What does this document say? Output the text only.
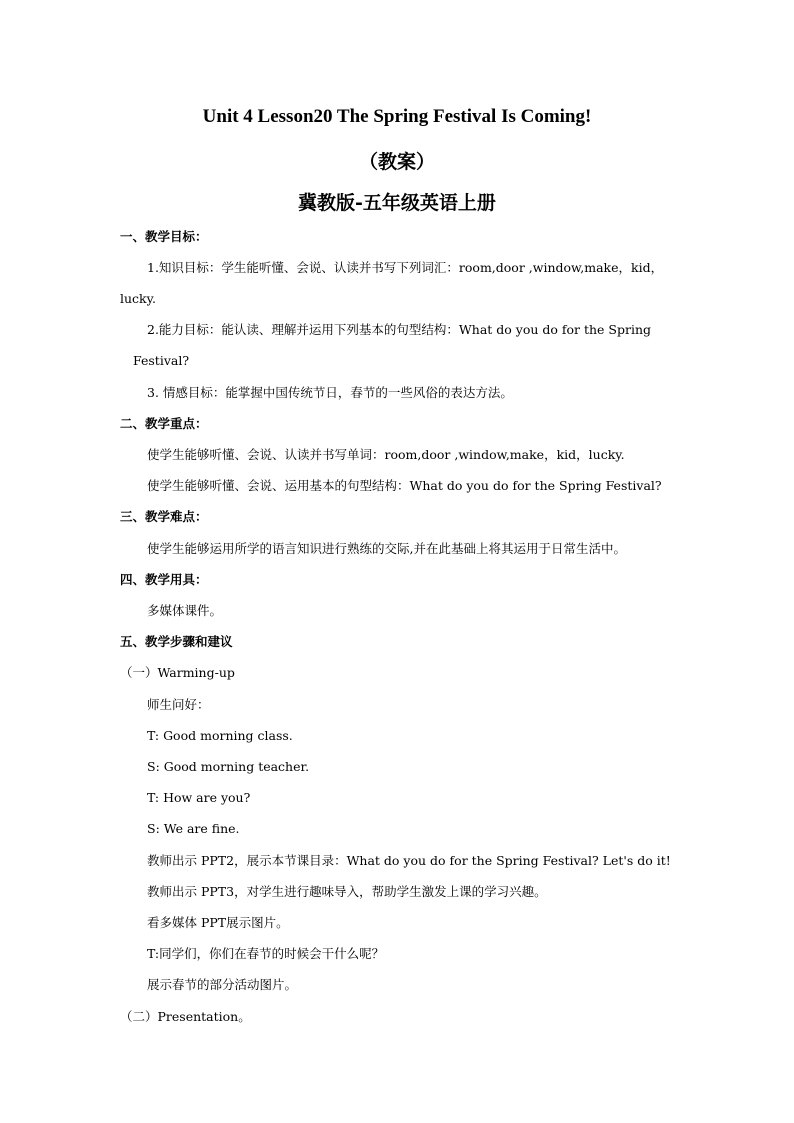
Unit 4 Lesson20 The Spring Festival Is Coming!
（教案）
冀教版-五年级英语上册
一、教学目标：
1.知识目标：学生能听懂、会说、认读并书写下列词汇：room,door ,window,make，kid，
lucky.
2.能力目标：能认读、理解并运用下列基本的句型结构：What do you do for the Spring
Festival?
3. 情感目标：能掌握中国传统节日，春节的一些风俗的表达方法。
二、教学重点：
使学生能够听懂、会说、认读并书写单词：room,door ,window,make，kid，lucky.
使学生能够听懂、会说、运用基本的句型结构：What do you do for the Spring Festival?
三、教学难点：
使学生能够运用所学的语言知识进行熟练的交际,并在此基础上将其运用于日常生活中。
四、教学用具：
多媒体课件。
五、教学步骤和建议
（一）Warming-up
师生问好：
T: Good morning class.
S: Good morning teacher.
T: How are you?
S: We are fine.
教师出示 PPT2，展示本节课目录：What do you do for the Spring Festival? Let's do it!
教师出示 PPT3，对学生进行趣味导入，帮助学生激发上课的学习兴趣。
看多媒体 PPT展示图片。
T:同学们，你们在春节的时候会干什么呢？
展示春节的部分活动图片。
（二）Presentation。
